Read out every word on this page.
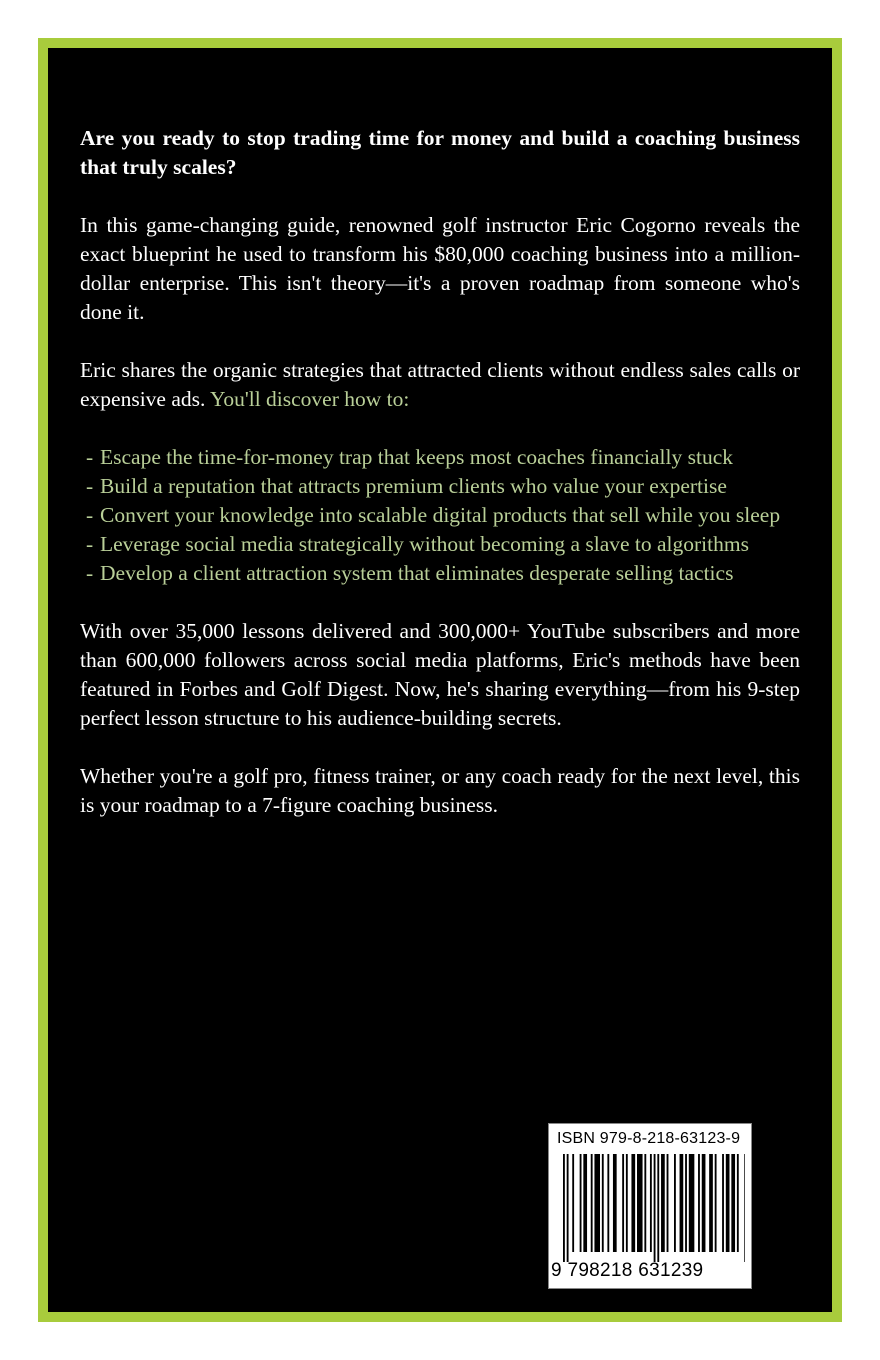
Are you ready to stop trading time for money and build a coaching business that truly scales?

In this game-changing guide, renowned golf instructor Eric Cogorno reveals the exact blueprint he used to transform his $80,000 coaching business into a million-dollar enterprise. This isn't theory—it's a proven roadmap from someone who's done it.

Eric shares the organic strategies that attracted clients without endless sales calls or expensive ads. You'll discover how to:

- Escape the time-for-money trap that keeps most coaches financially stuck
- Build a reputation that attracts premium clients who value your expertise
- Convert your knowledge into scalable digital products that sell while you sleep
- Leverage social media strategically without becoming a slave to algorithms
- Develop a client attraction system that eliminates desperate selling tactics

With over 35,000 lessons delivered and 300,000+ YouTube subscribers and more than 600,000 followers across social media platforms, Eric's methods have been featured in Forbes and Golf Digest. Now, he's sharing everything—from his 9-step perfect lesson structure to his audience-building secrets.

Whether you're a golf pro, fitness trainer, or any coach ready for the next level, this is your roadmap to a 7-figure coaching business.

ISBN 979-8-218-63123-9
9 798218 631239
